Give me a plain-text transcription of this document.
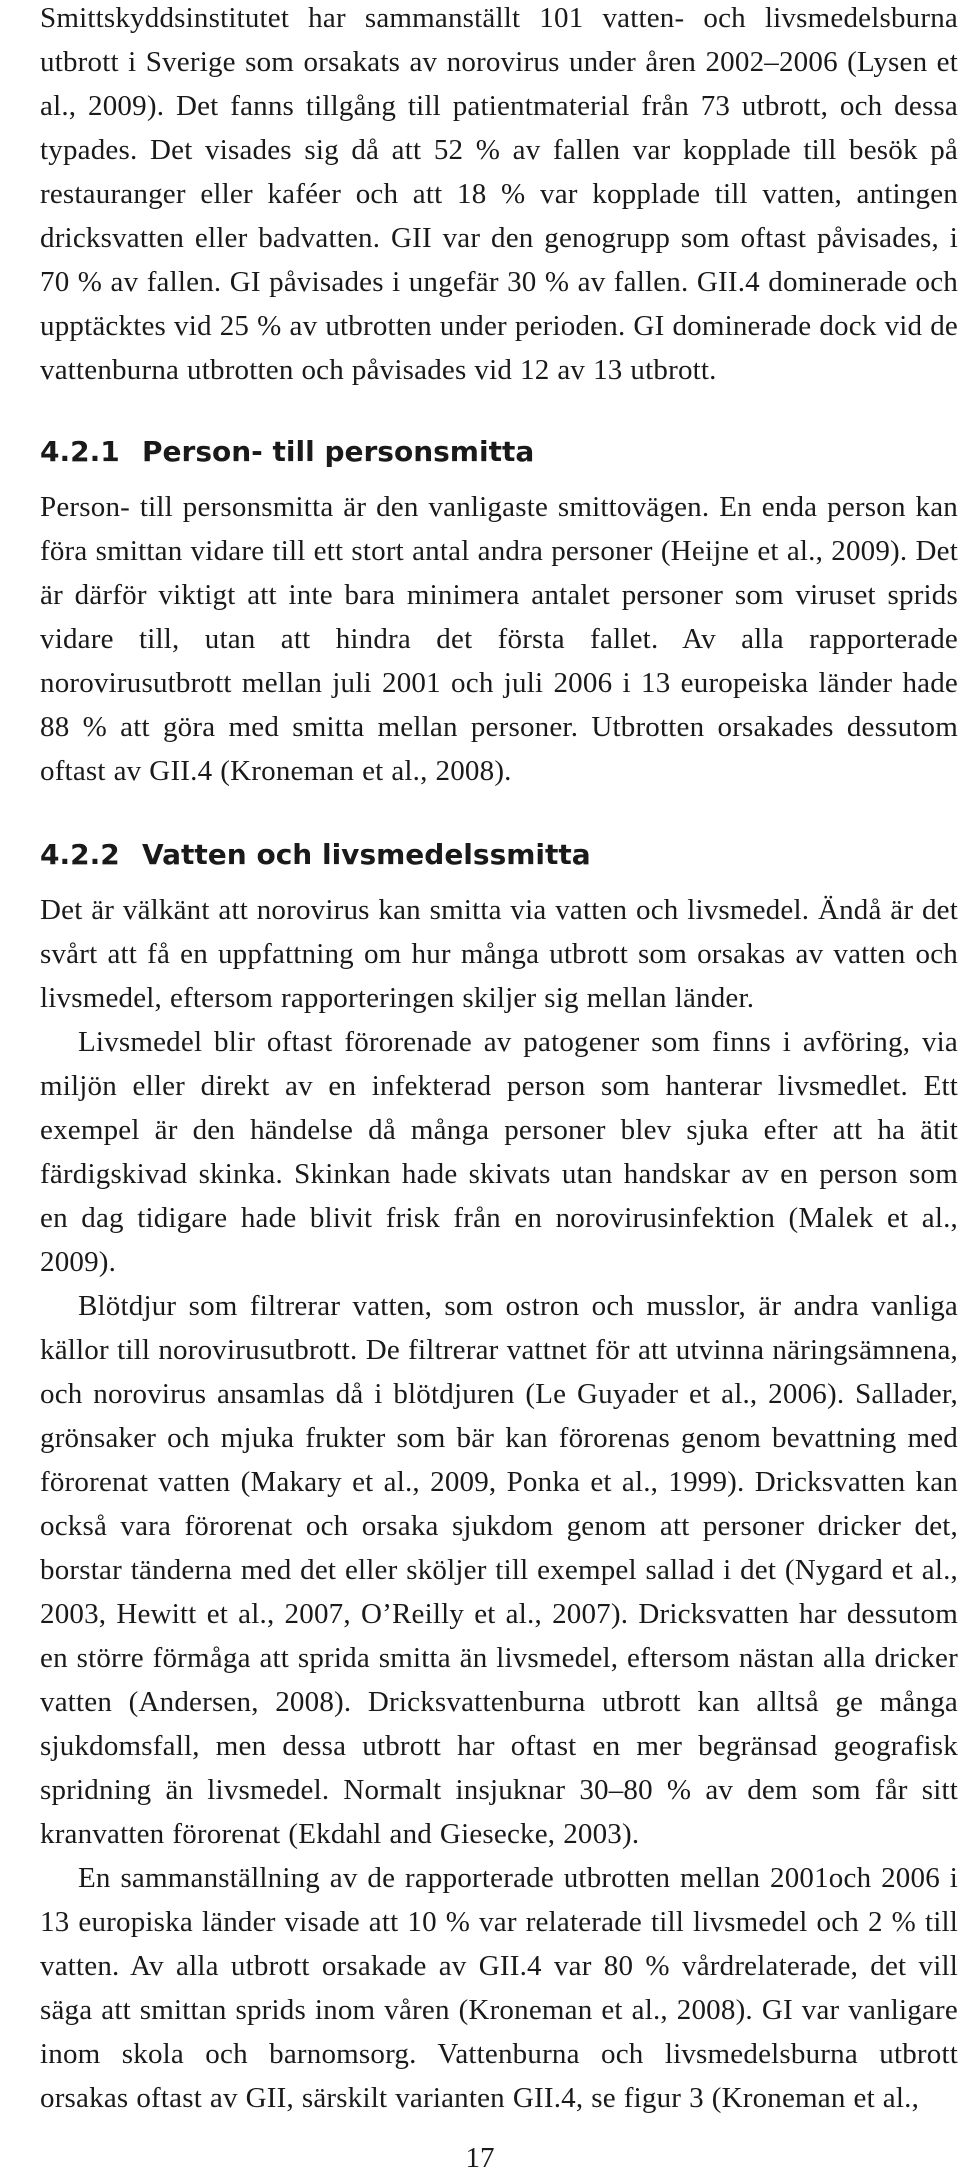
Smittskyddsinstitutet har sammanställt 101 vatten- och livsmedelsburna utbrott i Sverige som orsakats av norovirus under åren 2002–2006 (Lysen et al., 2009). Det fanns tillgång till patientmaterial från 73 utbrott, och dessa typades. Det visades sig då att 52 % av fallen var kopplade till besök på restauranger eller kaféer och att 18 % var kopplade till vatten, antingen dricksvatten eller badvatten. GII var den genogrupp som oftast påvisades, i 70 % av fallen. GI påvisades i ungefär 30 % av fallen. GII.4 dominerade och upptäcktes vid 25 % av utbrotten under perioden. GI dominerade dock vid de vattenburna utbrotten och påvisades vid 12 av 13 utbrott.

4.2.1 Person- till personsmitta

Person- till personsmitta är den vanligaste smittovägen. En enda person kan föra smittan vidare till ett stort antal andra personer (Heijne et al., 2009). Det är därför viktigt att inte bara minimera antalet personer som viruset sprids vidare till, utan att hindra det första fallet. Av alla rapporterade norovirusutbrott mellan juli 2001 och juli 2006 i 13 europeiska länder hade 88 % att göra med smitta mellan personer. Utbrotten orsakades dessutom oftast av GII.4 (Kroneman et al., 2008).

4.2.2 Vatten och livsmedelssmitta

Det är välkänt att norovirus kan smitta via vatten och livsmedel. Ändå är det svårt att få en uppfattning om hur många utbrott som orsakas av vatten och livsmedel, eftersom rapporteringen skiljer sig mellan länder.

Livsmedel blir oftast förorenade av patogener som finns i avföring, via miljön eller direkt av en infekterad person som hanterar livsmedlet. Ett exempel är den händelse då många personer blev sjuka efter att ha ätit färdigskivad skinka. Skinkan hade skivats utan handskar av en person som en dag tidigare hade blivit frisk från en norovirusinfektion (Malek et al., 2009).

Blötdjur som filtrerar vatten, som ostron och musslor, är andra vanliga källor till norovirusutbrott. De filtrerar vattnet för att utvinna näringsämnena, och norovirus ansamlas då i blötdjuren (Le Guyader et al., 2006). Sallader, grönsaker och mjuka frukter som bär kan förorenas genom bevattning med förorenat vatten (Makary et al., 2009, Ponka et al., 1999). Dricksvatten kan också vara förorenat och orsaka sjukdom genom att personer dricker det, borstar tänderna med det eller sköljer till exempel sallad i det (Nygard et al., 2003, Hewitt et al., 2007, O’Reilly et al., 2007). Dricksvatten har dessutom en större förmåga att sprida smitta än livsmedel, eftersom nästan alla dricker vatten (Andersen, 2008). Dricksvattenburna utbrott kan alltså ge många sjukdomsfall, men dessa utbrott har oftast en mer begränsad geografisk spridning än livsmedel. Normalt insjuknar 30–80 % av dem som får sitt kranvatten förorenat (Ekdahl and Giesecke, 2003).

En sammanställning av de rapporterade utbrotten mellan 2001och 2006 i 13 europiska länder visade att 10 % var relaterade till livsmedel och 2 % till vatten. Av alla utbrott orsakade av GII.4 var 80 % vårdrelaterade, det vill säga att smittan sprids inom våren (Kroneman et al., 2008). GI var vanligare inom skola och barnomsorg. Vattenburna och livsmedelsburna utbrott orsakas oftast av GII, särskilt varianten GII.4, se figur 3 (Kroneman et al.,

17
